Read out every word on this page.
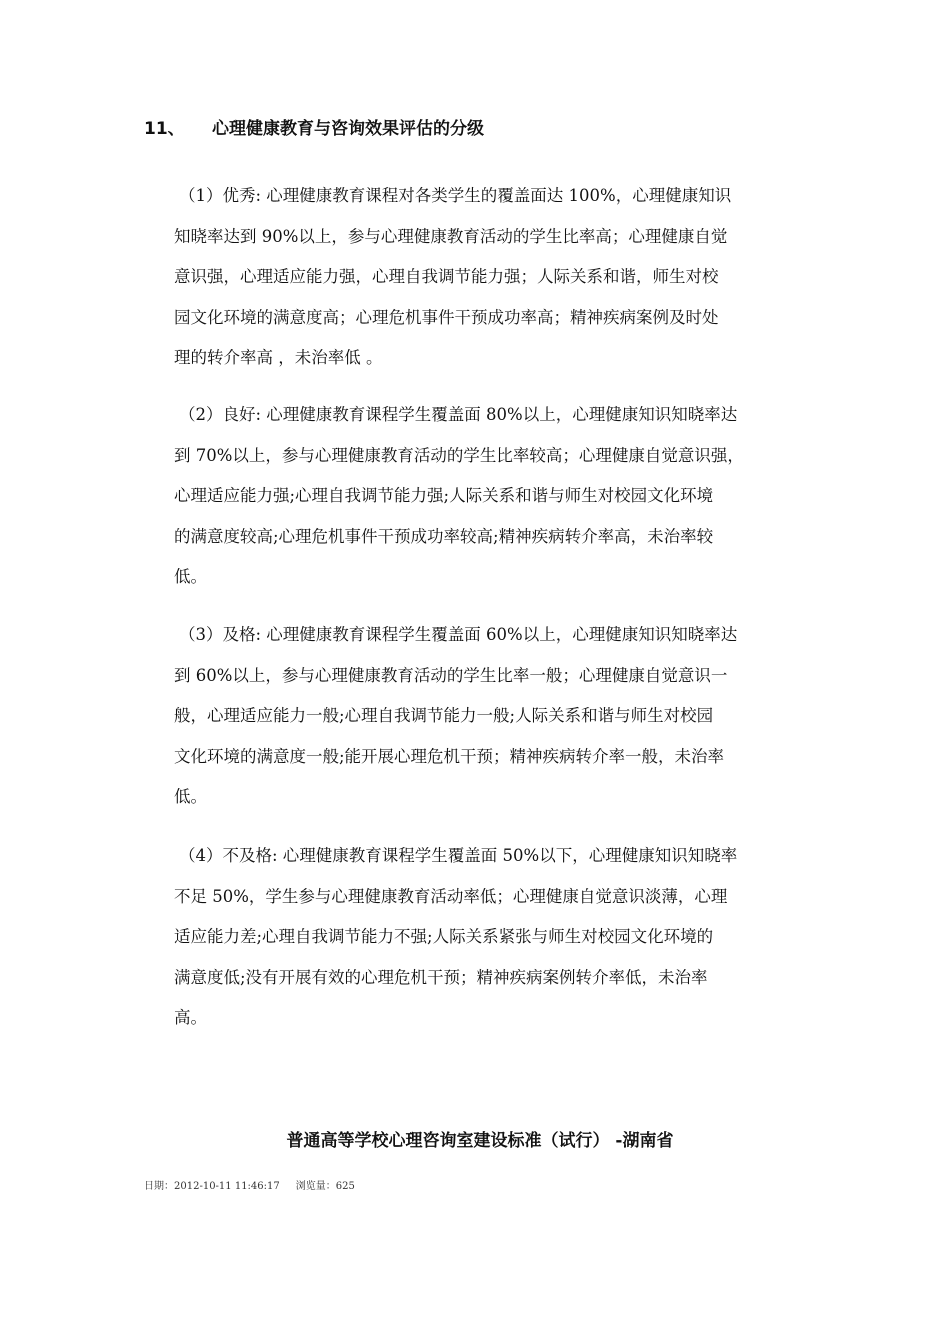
11、 心理健康教育与咨询效果评估的分级
（1）优秀: 心理健康教育课程对各类学生的覆盖面达 100%，心理健康知识
知晓率达到 90%以上，参与心理健康教育活动的学生比率高；心理健康自觉
意识强，心理适应能力强，心理自我调节能力强；人际关系和谐，师生对校
园文化环境的满意度高；心理危机事件干预成功率高；精神疾病案例及时处
理的转介率高 ，未治率低 。
（2）良好: 心理健康教育课程学生覆盖面 80%以上，心理健康知识知晓率达
到 70%以上，参与心理健康教育活动的学生比率较高；心理健康自觉意识强，
心理适应能力强;心理自我调节能力强;人际关系和谐与师生对校园文化环境
的满意度较高;心理危机事件干预成功率较高;精神疾病转介率高，未治率较
低。
（3）及格: 心理健康教育课程学生覆盖面 60%以上，心理健康知识知晓率达
到 60%以上，参与心理健康教育活动的学生比率一般；心理健康自觉意识一
般，心理适应能力一般;心理自我调节能力一般;人际关系和谐与师生对校园
文化环境的满意度一般;能开展心理危机干预；精神疾病转介率一般，未治率
低。
（4）不及格: 心理健康教育课程学生覆盖面 50%以下，心理健康知识知晓率
不足 50%，学生参与心理健康教育活动率低；心理健康自觉意识淡薄，心理
适应能力差;心理自我调节能力不强;人际关系紧张与师生对校园文化环境的
满意度低;没有开展有效的心理危机干预；精神疾病案例转介率低，未治率
高。
普通高等学校心理咨询室建设标准（试行） -湖南省
日期：2012-10-11 11:46:17 浏览量：625
